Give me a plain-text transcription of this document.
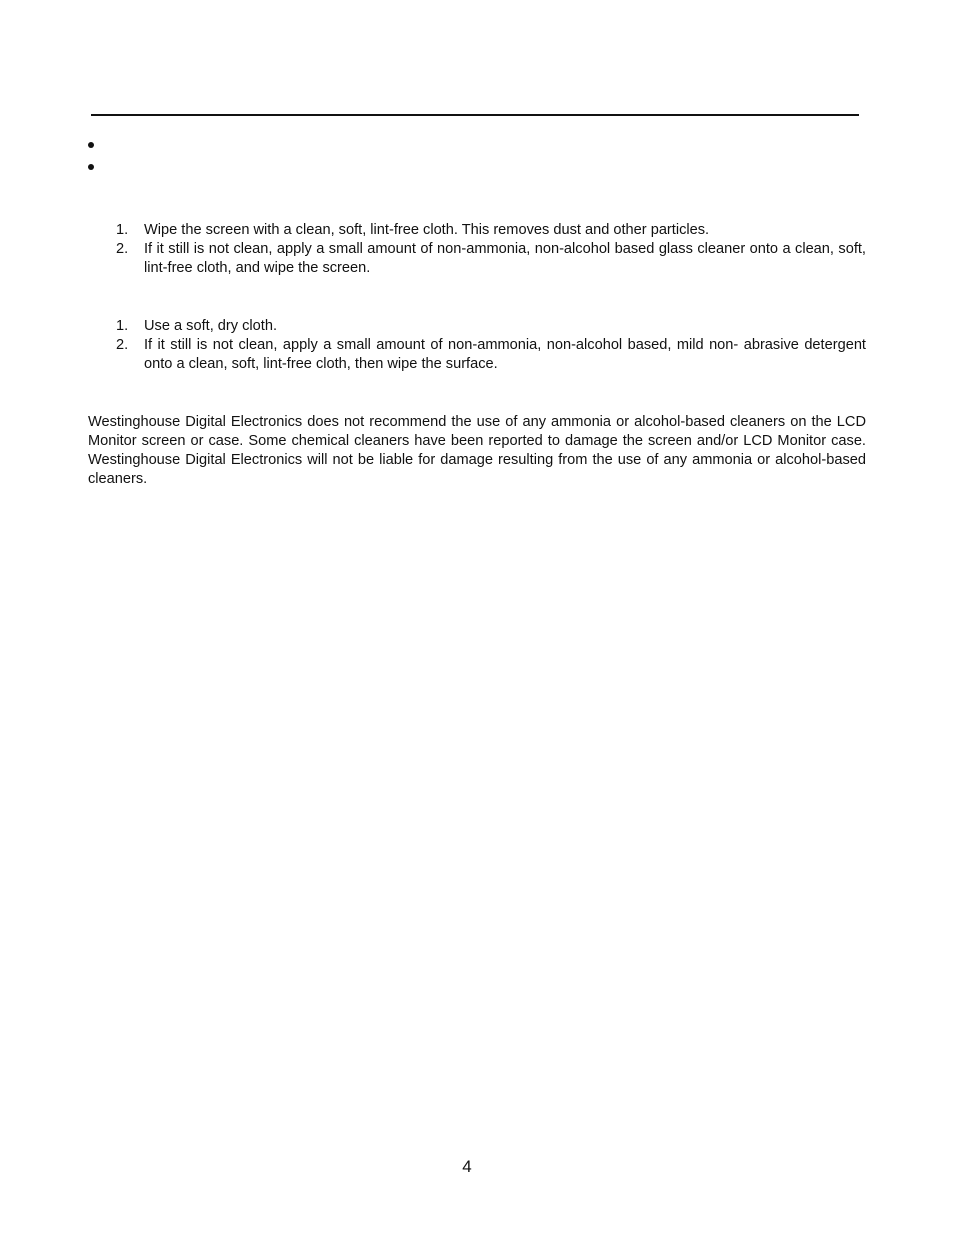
1. Wipe the screen with a clean, soft, lint-free cloth. This removes dust and other particles.
2. If it still is not clean, apply a small amount of non-ammonia, non-alcohol based glass cleaner onto a clean, soft, lint-free cloth, and wipe the screen.
1. Use a soft, dry cloth.
2. If it still is not clean, apply a small amount of non-ammonia, non-alcohol based, mild non- abrasive detergent onto a clean, soft, lint-free cloth, then wipe the surface.

Westinghouse Digital Electronics does not recommend the use of any ammonia or alcohol-based cleaners on the LCD Monitor screen or case. Some chemical cleaners have been reported to damage the screen and/or LCD Monitor case. Westinghouse Digital Electronics will not be liable for damage resulting from the use of any ammonia or alcohol-based cleaners.

4
